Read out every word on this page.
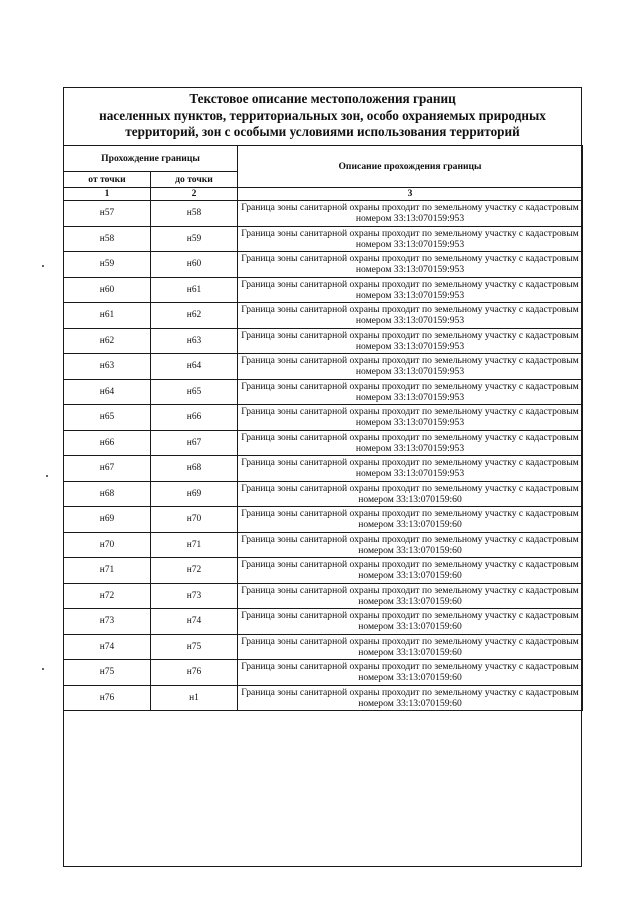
Текстовое описание местоположения границ
населенных пунктов, территориальных зон, особо охраняемых природных
территорий, зон с особыми условиями использования территорий
Прохождение границы		Описание прохождения границы
от точки	до точки	
1	2	3
н57	н58	Граница зоны санитарной охраны проходит по земельному участку с кадастровым номером 33:13:070159:953
н58	н59	Граница зоны санитарной охраны проходит по земельному участку с кадастровым номером 33:13:070159:953
н59	н60	Граница зоны санитарной охраны проходит по земельному участку с кадастровым номером 33:13:070159:953
н60	н61	Граница зоны санитарной охраны проходит по земельному участку с кадастровым номером 33:13:070159:953
н61	н62	Граница зоны санитарной охраны проходит по земельному участку с кадастровым номером 33:13:070159:953
н62	н63	Граница зоны санитарной охраны проходит по земельному участку с кадастровым номером 33:13:070159:953
н63	н64	Граница зоны санитарной охраны проходит по земельному участку с кадастровым номером 33:13:070159:953
н64	н65	Граница зоны санитарной охраны проходит по земельному участку с кадастровым номером 33:13:070159:953
н65	н66	Граница зоны санитарной охраны проходит по земельному участку с кадастровым номером 33:13:070159:953
н66	н67	Граница зоны санитарной охраны проходит по земельному участку с кадастровым номером 33:13:070159:953
н67	н68	Граница зоны санитарной охраны проходит по земельному участку с кадастровым номером 33:13:070159:953
н68	н69	Граница зоны санитарной охраны проходит по земельному участку с кадастровым номером 33:13:070159:60
н69	н70	Граница зоны санитарной охраны проходит по земельному участку с кадастровым номером 33:13:070159:60
н70	н71	Граница зоны санитарной охраны проходит по земельному участку с кадастровым номером 33:13:070159:60
н71	н72	Граница зоны санитарной охраны проходит по земельному участку с кадастровым номером 33:13:070159:60
н72	н73	Граница зоны санитарной охраны проходит по земельному участку с кадастровым номером 33:13:070159:60
н73	н74	Граница зоны санитарной охраны проходит по земельному участку с кадастровым номером 33:13:070159:60
н74	н75	Граница зоны санитарной охраны проходит по земельному участку с кадастровым номером 33:13:070159:60
н75	н76	Граница зоны санитарной охраны проходит по земельному участку с кадастровым номером 33:13:070159:60
н76	н1	Граница зоны санитарной охраны проходит по земельному участку с кадастровым номером 33:13:070159:60
